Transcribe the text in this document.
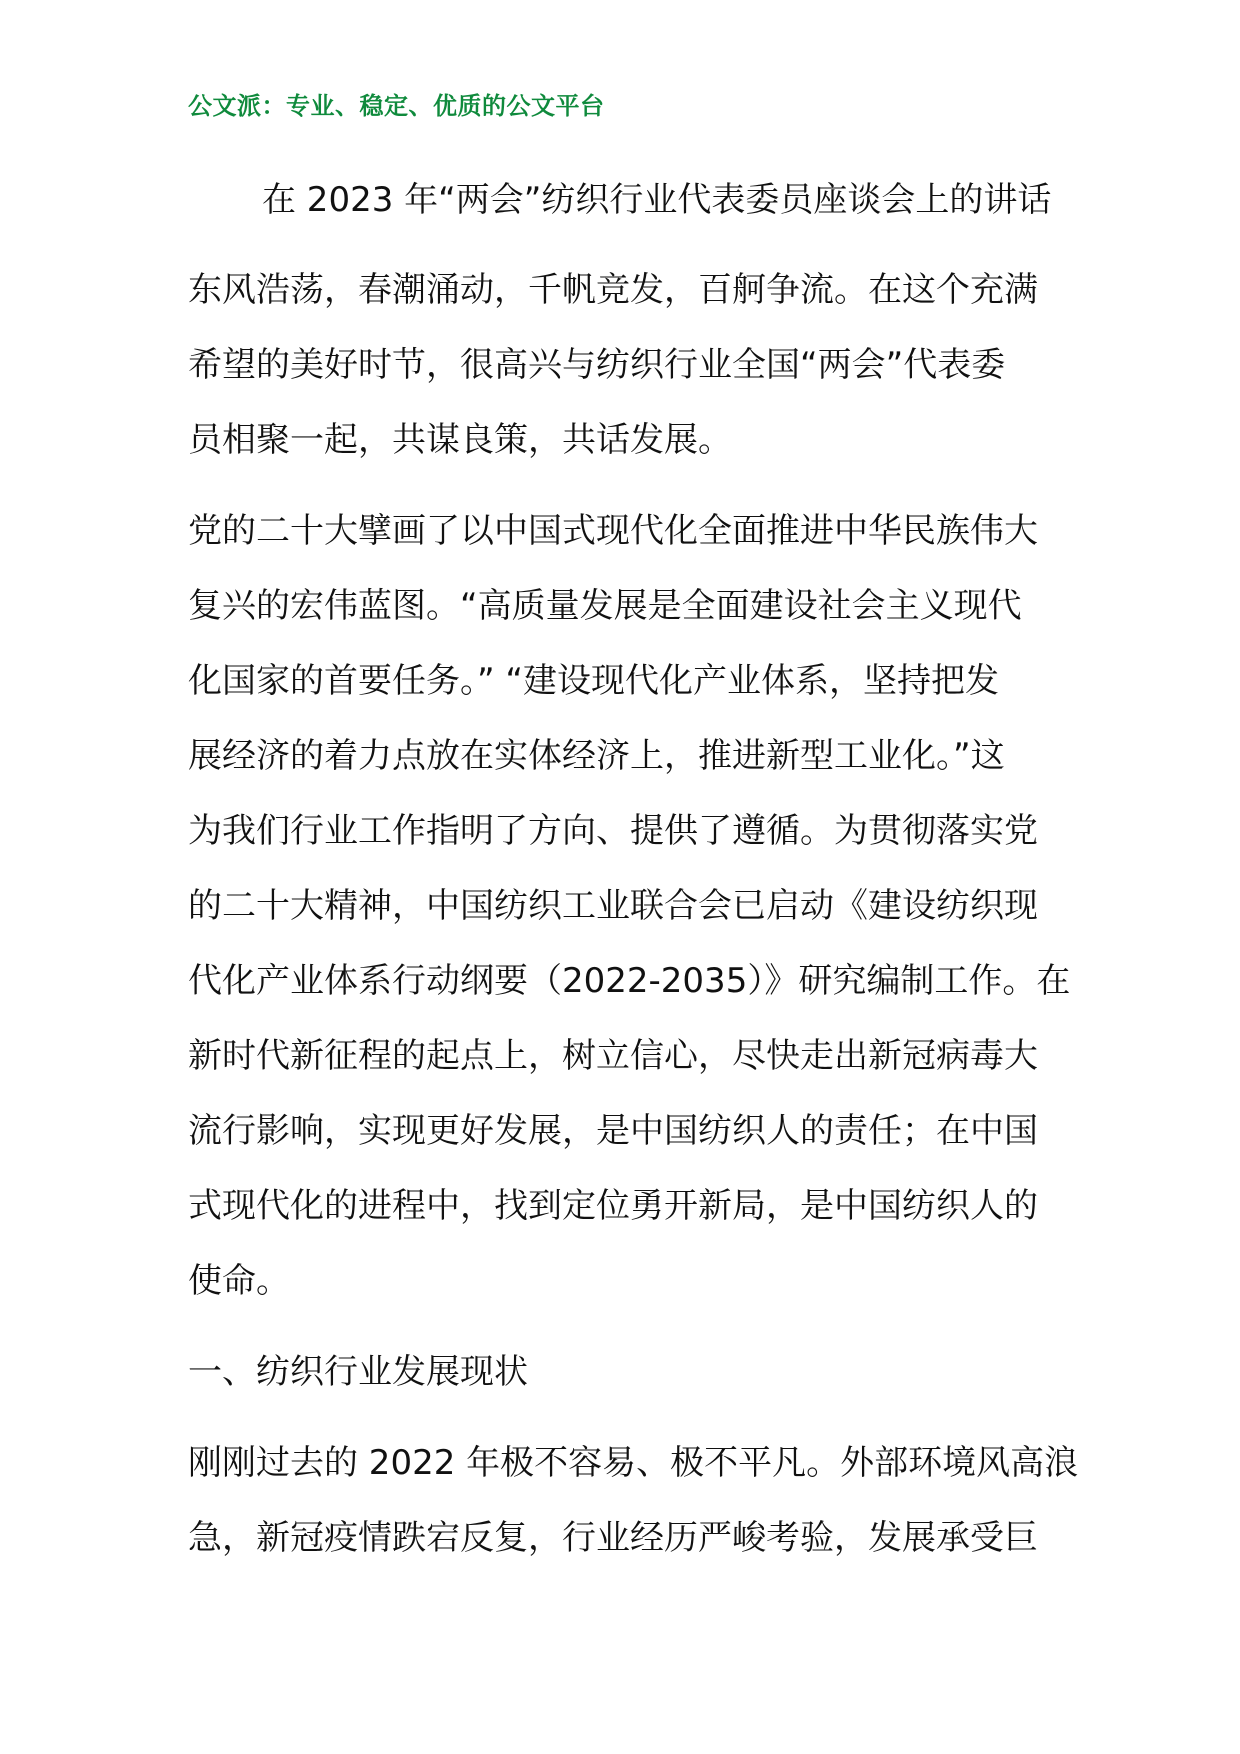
公文派：专业、稳定、优质的公文平台
在 2023 年“两会”纺织行业代表委员座谈会上的讲话
东风浩荡，春潮涌动，千帆竞发，百舸争流。在这个充满
希望的美好时节，很高兴与纺织行业全国“两会”代表委
员相聚一起，共谋良策，共话发展。
党的二十大擘画了以中国式现代化全面推进中华民族伟大
复兴的宏伟蓝图。“高质量发展是全面建设社会主义现代
化国家的首要任务。” “建设现代化产业体系，坚持把发
展经济的着力点放在实体经济上，推进新型工业化。”这
为我们行业工作指明了方向、提供了遵循。为贯彻落实党
的二十大精神，中国纺织工业联合会已启动《建设纺织现
代化产业体系行动纲要（2022-2035）》研究编制工作。在
新时代新征程的起点上，树立信心，尽快走出新冠病毒大
流行影响，实现更好发展，是中国纺织人的责任；在中国
式现代化的进程中，找到定位勇开新局，是中国纺织人的
使命。
一、纺织行业发展现状
刚刚过去的 2022 年极不容易、极不平凡。外部环境风高浪
急，新冠疫情跌宕反复，行业经历严峻考验，发展承受巨
